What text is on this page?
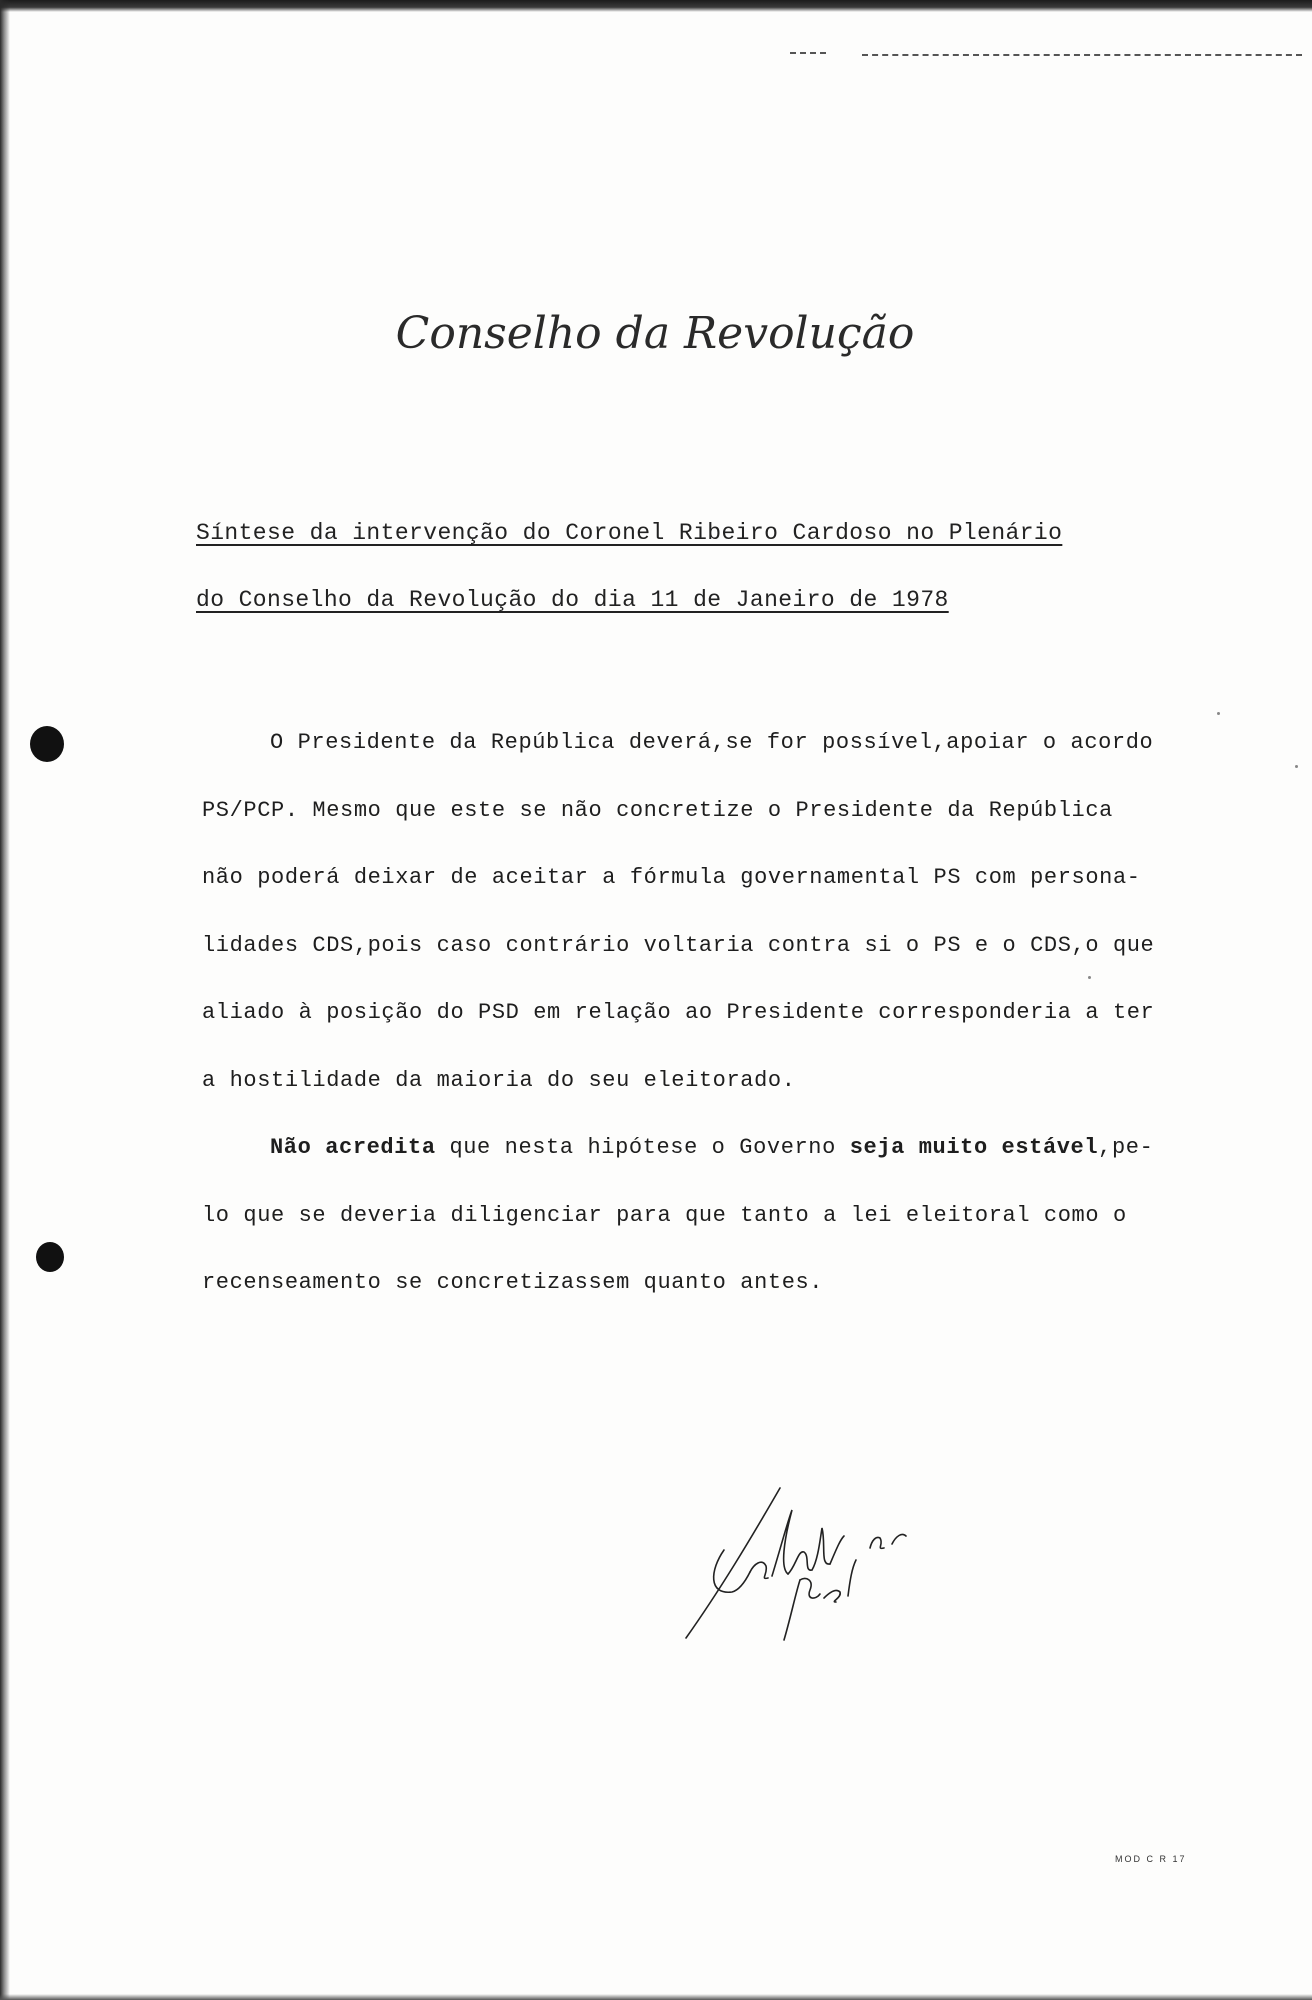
Conselho da Revolução
Síntese da intervenção do Coronel Ribeiro Cardoso no Plenário
do Conselho da Revolução do dia 11 de Janeiro de 1978

O Presidente da República deverá,se for possível,apoiar o acordo

PS/PCP. Mesmo que este se não concretize o Presidente da República

não poderá deixar de aceitar a fórmula governamental PS com persona-

lidades CDS,pois caso contrário voltaria contra si o PS e o CDS,o que

aliado à posição do PSD em relação ao Presidente corresponderia a ter

a hostilidade da maioria do seu eleitorado.

Não acredita que nesta hipótese o Governo seja muito estável,pe-

lo que se deveria diligenciar para que tanto a lei eleitoral como o

recenseamento se concretizassem quanto antes.

MOD C R 17
